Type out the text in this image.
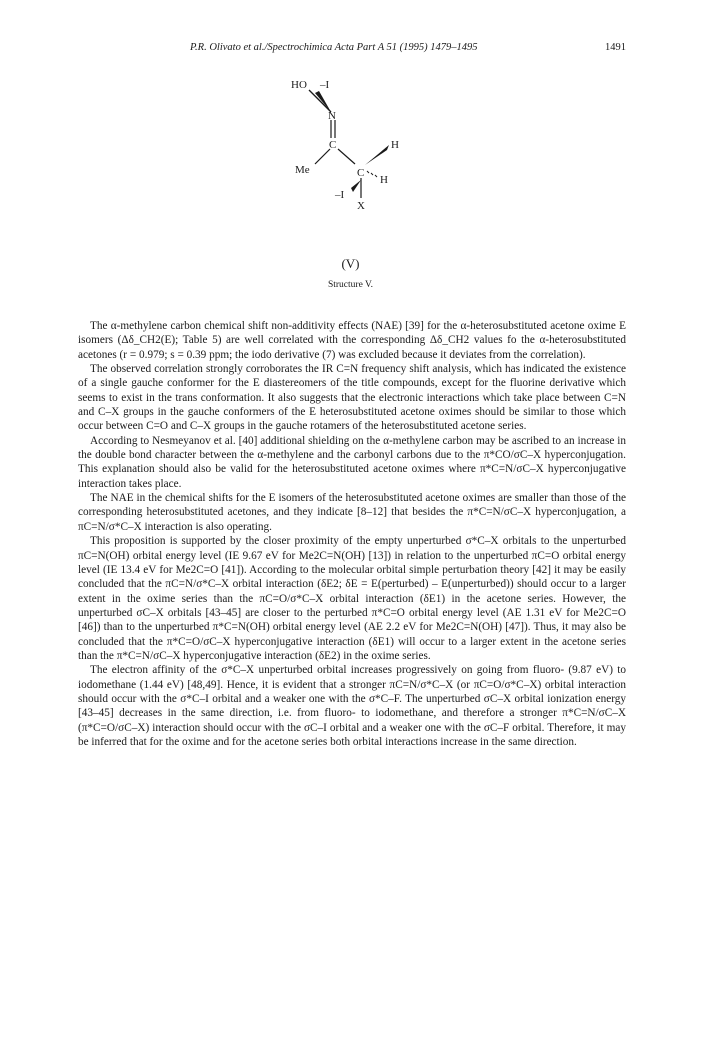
P.R. Olivato et al./Spectrochimica Acta Part A 51 (1995) 1479–1495	1491
HO –I
N
C
Me
H
C
H
–I
X
(V)
Structure V.

The α-methylene carbon chemical shift non-additivity effects (NAE) [39] for the α-heterosubstituted acetone oxime E isomers (Δδ_CH2(E); Table 5) are well correlated with the corresponding Δδ_CH2 values fo the α-heterosubstituted acetones (r = 0.979; s = 0.39 ppm; the iodo derivative (7) was excluded because it deviates from the correlation).

The observed correlation strongly corroborates the IR C=N frequency shift analysis, which has indicated the existence of a single gauche conformer for the E diastereomers of the title compounds, except for the fluorine derivative which seems to exist in the trans conformation. It also suggests that the electronic interactions which take place between C=N and C–X groups in the gauche conformers of the E heterosubstituted acetone oximes should be similar to those which occur between C=O and C–X groups in the gauche rotamers of the heterosubstituted acetone series.

According to Nesmeyanov et al. [40] additional shielding on the α-methylene carbon may be ascribed to an increase in the double bond character between the α-methylene and the carbonyl carbons due to the π*CO/σC–X hyperconjugation. This explanation should also be valid for the heterosubstituted acetone oximes where π*C=N/σC–X hyperconjugative interaction takes place.

The NAE in the chemical shifts for the E isomers of the heterosubstituted acetone oximes are smaller than those of the corresponding heterosubstituted acetones, and they indicate [8–12] that besides the π*C=N/σC–X hyperconjugation, a πC=N/σ*C–X interaction is also operating.

This proposition is supported by the closer proximity of the empty unperturbed σ*C–X orbitals to the unperturbed πC=N(OH) orbital energy level (IE 9.67 eV for Me2C=N(OH) [13]) in relation to the unperturbed πC=O orbital energy level (IE 13.4 eV for Me2C=O [41]). According to the molecular orbital simple perturbation theory [42] it may be easily concluded that the πC=N/σ*C–X orbital interaction (δE2; δE = E(perturbed) – E(unperturbed)) should occur to a larger extent in the oxime series than the πC=O/σ*C–X orbital interaction (δE1) in the acetone series. However, the unperturbed σC–X orbitals [43–45] are closer to the perturbed π*C=O orbital energy level (AE 1.31 eV for Me2C=O [46]) than to the unperturbed π*C=N(OH) orbital energy level (AE 2.2 eV for Me2C=N(OH) [47]). Thus, it may also be concluded that the π*C=O/σC–X hyperconjugative interaction (δE1) will occur to a larger extent in the acetone series than the π*C=N/σC–X hyperconjugative interaction (δE2) in the oxime series.

The electron affinity of the σ*C–X unperturbed orbital increases progressively on going from fluoro- (9.87 eV) to iodomethane (1.44 eV) [48,49]. Hence, it is evident that a stronger πC=N/σ*C–X (or πC=O/σ*C–X) orbital interaction should occur with the σ*C–I orbital and a weaker one with the σ*C–F. The unperturbed σC–X orbital ionization energy [43–45] decreases in the same direction, i.e. from fluoro- to iodomethane, and therefore a stronger π*C=N/σC–X (π*C=O/σC–X) interaction should occur with the σC–I orbital and a weaker one with the σC–F orbital. Therefore, it may be inferred that for the oxime and for the acetone series both orbital interactions increase in the same direction.
